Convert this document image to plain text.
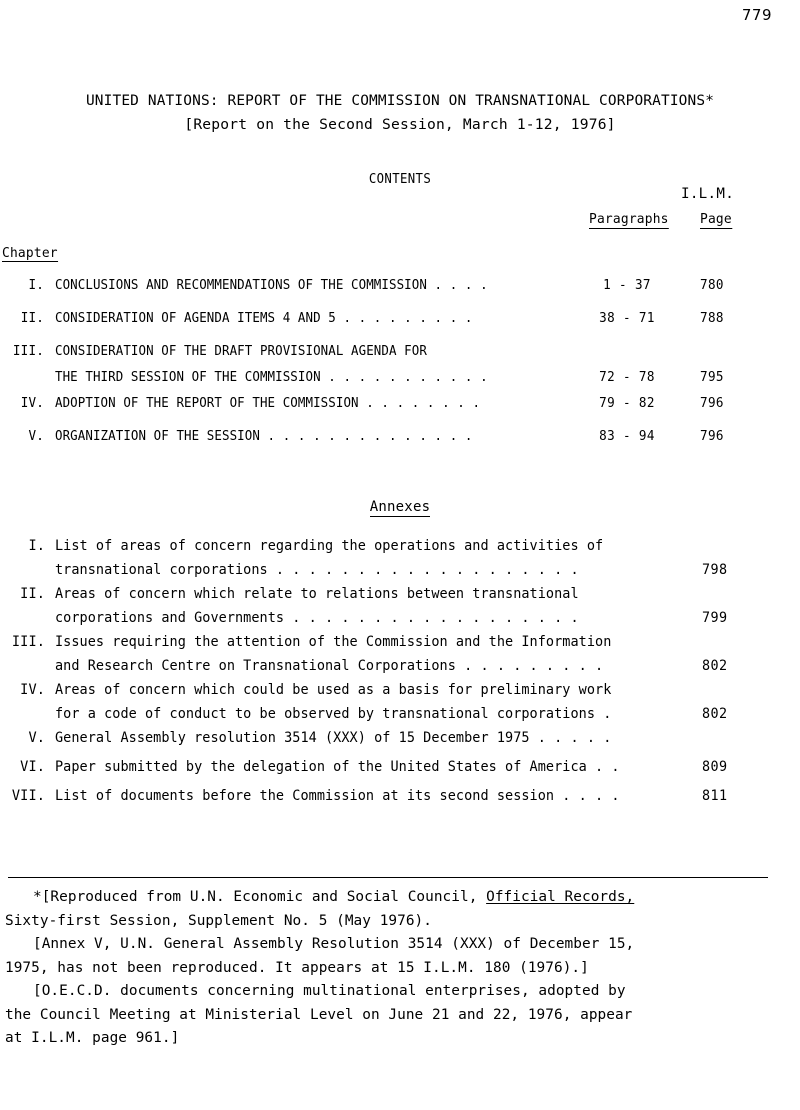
779
UNITED NATIONS: REPORT OF THE COMMISSION ON TRANSNATIONAL CORPORATIONS*
[Report on the Second Session, March 1-12, 1976]
CONTENTS
I.L.M.
Paragraphs Page
Chapter
I. CONCLUSIONS AND RECOMMENDATIONS OF THE COMMISSION . . . .	1 - 37	780
II. CONSIDERATION OF AGENDA ITEMS 4 AND 5 . . . . . . . . .	38 - 71	788
III. CONSIDERATION OF THE DRAFT PROVISIONAL AGENDA FOR
THE THIRD SESSION OF THE COMMISSION . . . . . . . . . . .	72 - 78	795
IV. ADOPTION OF THE REPORT OF THE COMMISSION . . . . . . . .	79 - 82	796
V. ORGANIZATION OF THE SESSION . . . . . . . . . . . . . .	83 - 94	796
Annexes
I. List of areas of concern regarding the operations and activities of
transnational corporations . . . . . . . . . . . . . . . . . . .	798
II. Areas of concern which relate to relations between transnational
corporations and Governments . . . . . . . . . . . . . . . . . .	799
III. Issues requiring the attention of the Commission and the Information
and Research Centre on Transnational Corporations . . . . . . . . .	802
IV. Areas of concern which could be used as a basis for preliminary work
for a code of conduct to be observed by transnational corporations .	802
V. General Assembly resolution 3514 (XXX) of 15 December 1975 . . . . .
VI. Paper submitted by the delegation of the United States of America . .	809
VII. List of documents before the Commission at its second session . . . .	811

*[Reproduced from U.N. Economic and Social Council, Official Records,

Sixty-first Session, Supplement No. 5 (May 1976).

[Annex V, U.N. General Assembly Resolution 3514 (XXX) of December 15,

1975, has not been reproduced. It appears at 15 I.L.M. 180 (1976).]

[O.E.C.D. documents concerning multinational enterprises, adopted by

the Council Meeting at Ministerial Level on June 21 and 22, 1976, appear

at I.L.M. page 961.]
